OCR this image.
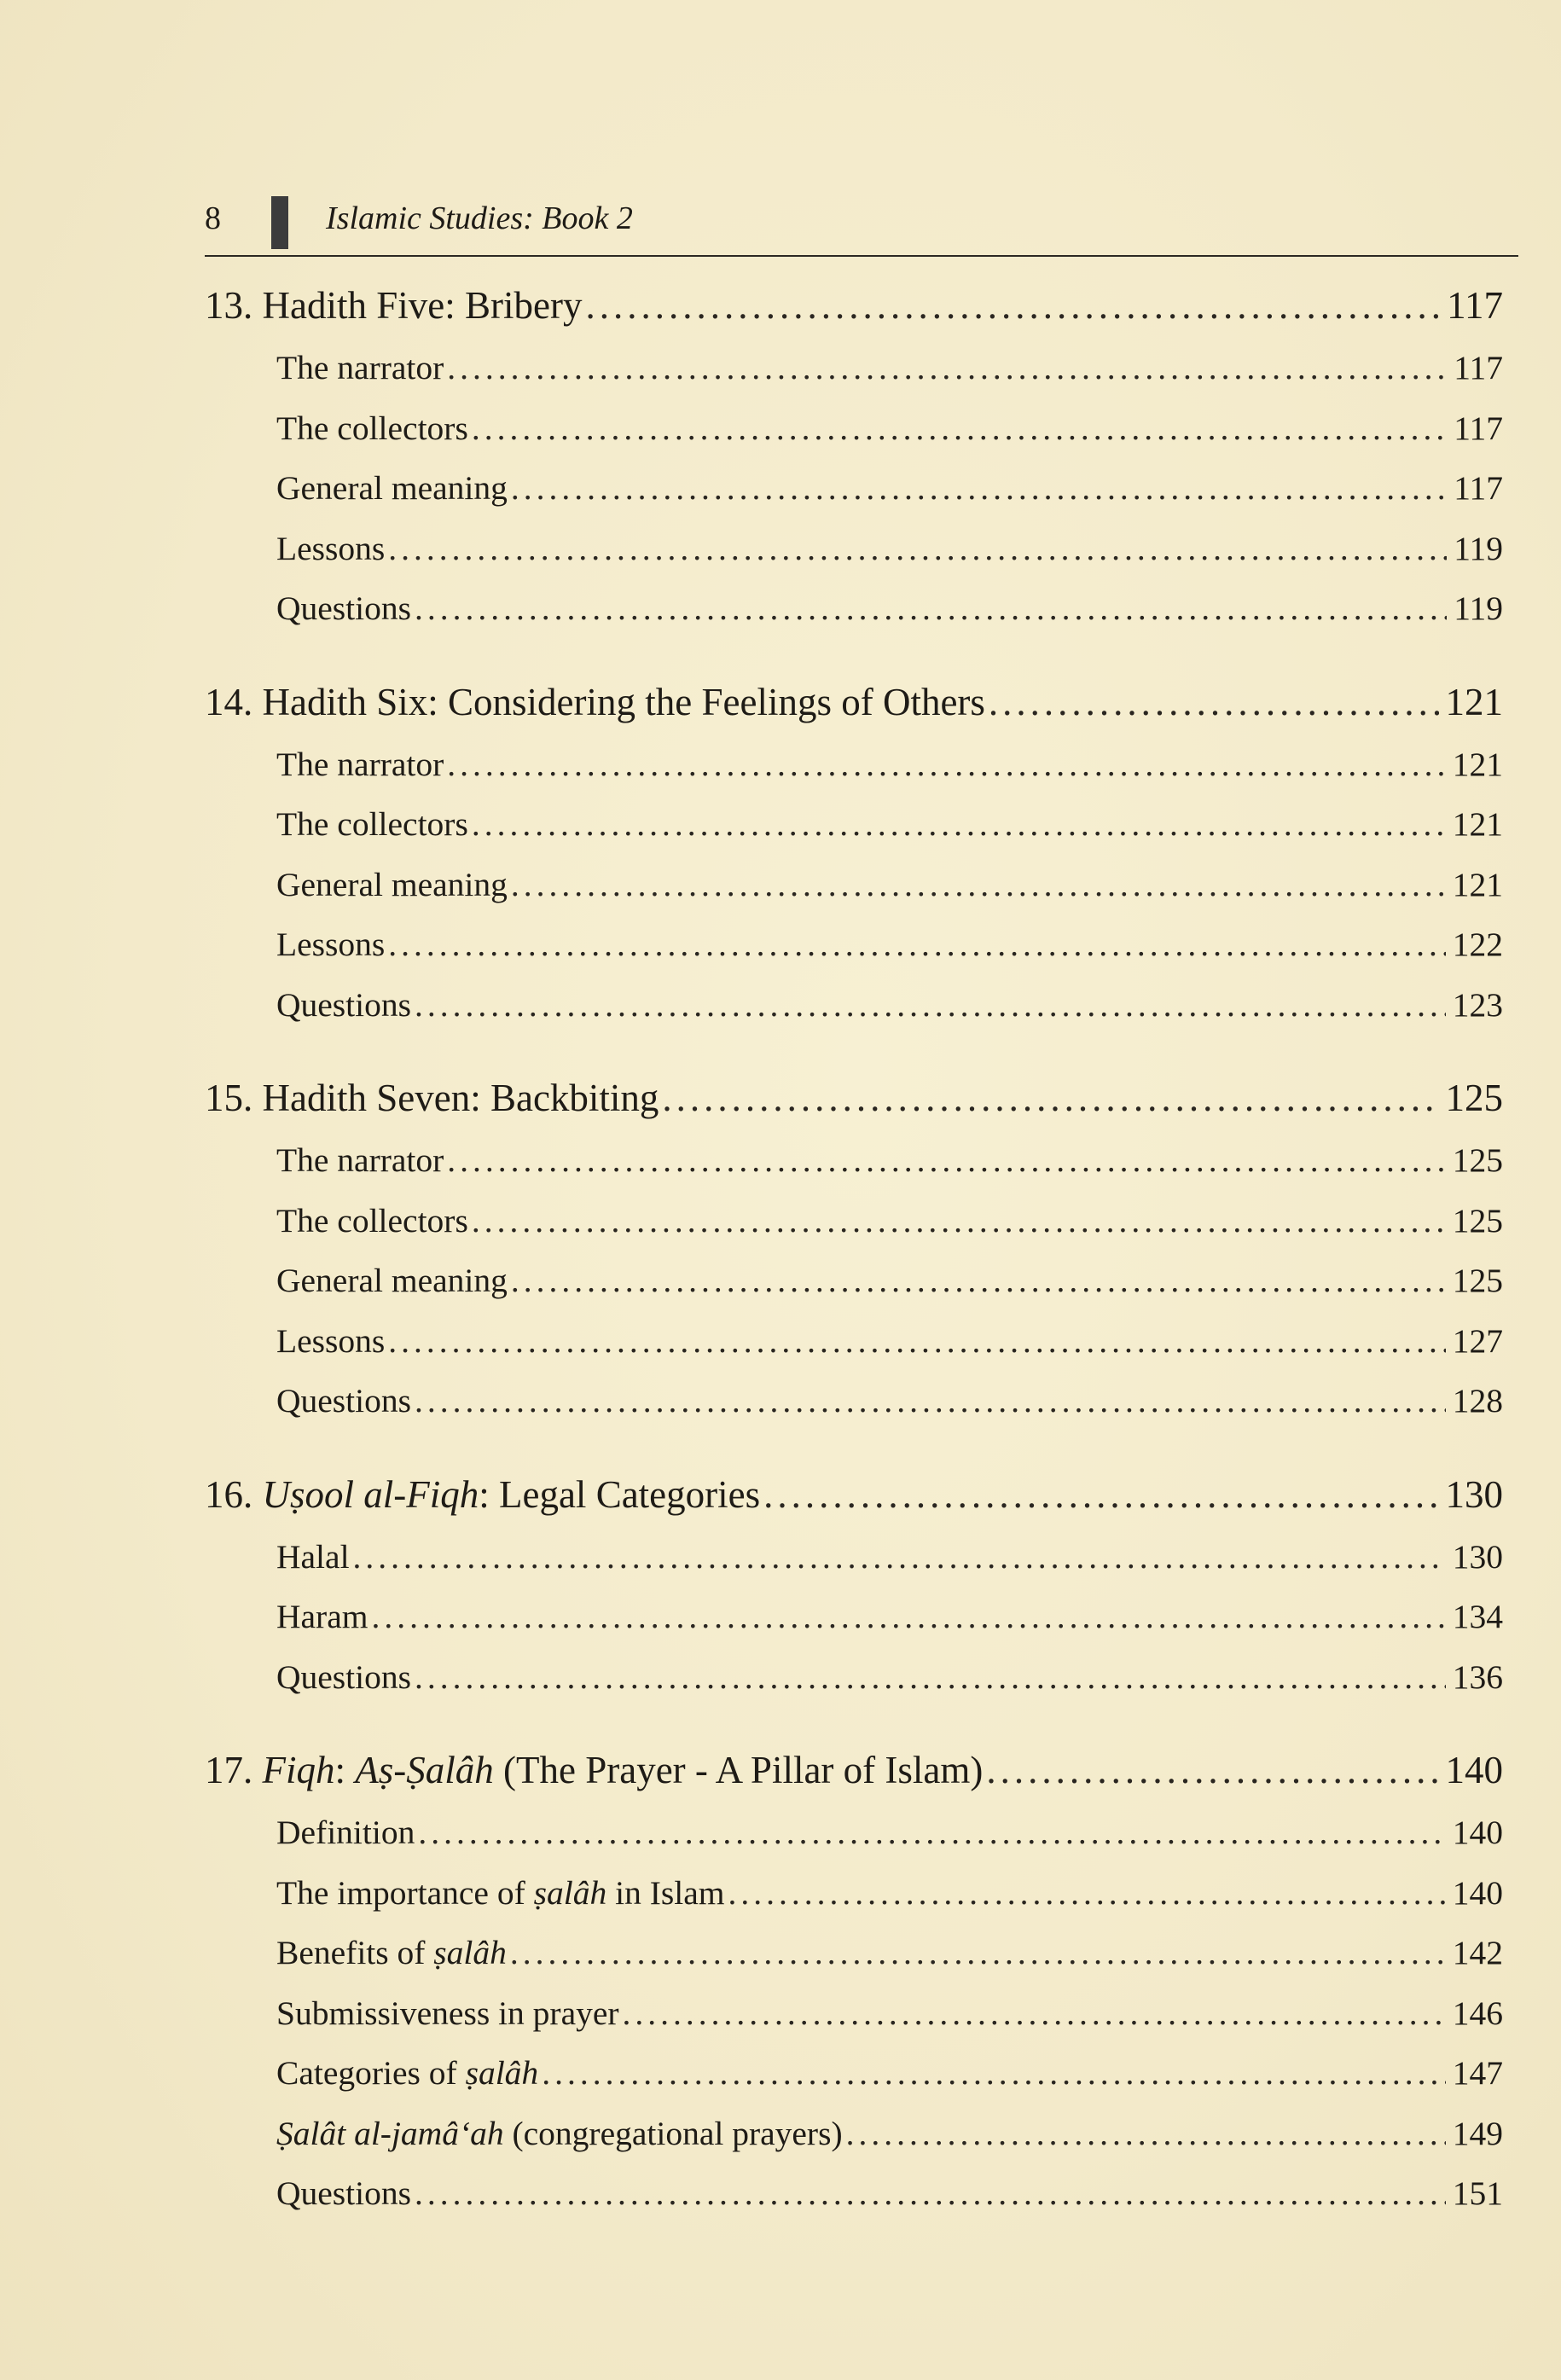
8	Islamic Studies: Book 2
13. Hadith Five: Bribery .....	117
The narrator .....	117
The collectors .....	117
General meaning .....	117
Lessons .....	119
Questions .....	119
14. Hadith Six: Considering the Feelings of Others .....	121
The narrator .....	121
The collectors .....	121
General meaning .....	121
Lessons .....	122
Questions .....	123
15. Hadith Seven: Backbiting .....	125
The narrator .....	125
The collectors .....	125
General meaning .....	125
Lessons .....	127
Questions .....	128
16. Uṣool al-Fiqh: Legal Categories .....	130
Halal .....	130
Haram .....	134
Questions .....	136
17. Fiqh: Aṣ-Ṣalâh (The Prayer - A Pillar of Islam) .....	140
Definition .....	140
The importance of ṣalâh in Islam .....	140
Benefits of ṣalâh .....	142
Submissiveness in prayer .....	146
Categories of ṣalâh .....	147
Ṣalât al-jamâ‘ah (congregational prayers) .....	149
Questions .....	151
